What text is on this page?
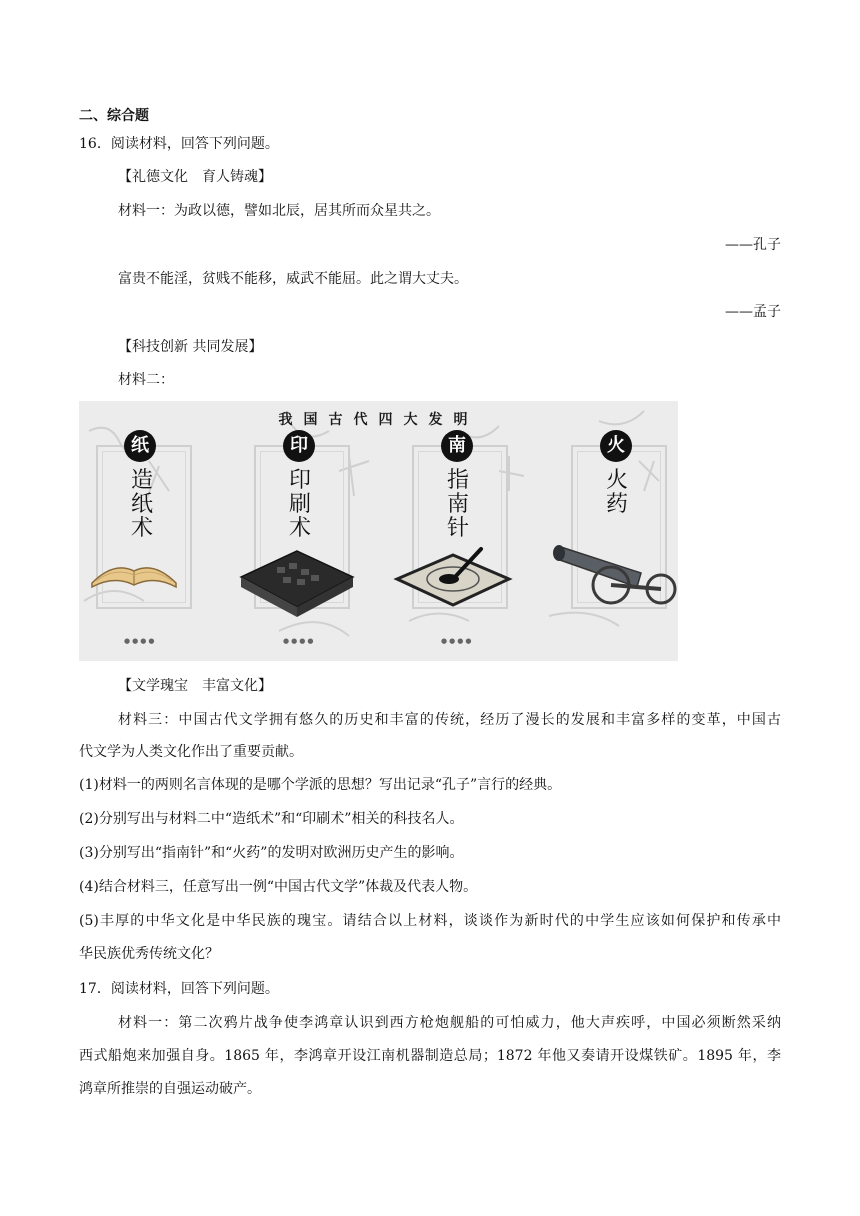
二、综合题
16．阅读材料，回答下列问题。
【礼德文化　育人铸魂】
材料一：为政以德，譬如北辰，居其所而众星共之。
——孔子
富贵不能淫，贫贱不能移，威武不能屈。此之谓大丈夫。
——孟子
【科技创新 共同发展】
材料二：
我国古代四大发明
纸
造纸术
●●●●
印
印刷术
●●●●
南
指南针
●●●●
火
火药
【文学瑰宝　丰富文化】
材料三：中国古代文学拥有悠久的历史和丰富的传统，经历了漫长的发展和丰富多样的变革，中国古
代文学为人类文化作出了重要贡献。
(1)材料一的两则名言体现的是哪个学派的思想？写出记录“孔子”言行的经典。
(2)分别写出与材料二中“造纸术”和“印刷术”相关的科技名人。
(3)分别写出“指南针”和“火药”的发明对欧洲历史产生的影响。
(4)结合材料三，任意写出一例“中国古代文学”体裁及代表人物。
(5)丰厚的中华文化是中华民族的瑰宝。请结合以上材料，谈谈作为新时代的中学生应该如何保护和传承中
华民族优秀传统文化？
17．阅读材料，回答下列问题。
材料一：第二次鸦片战争使李鸿章认识到西方枪炮舰船的可怕威力，他大声疾呼，中国必须断然采纳
西式船炮来加强自身。1865 年，李鸿章开设江南机器制造总局；1872 年他又奏请开设煤铁矿。1895 年，李
鸿章所推崇的自强运动破产。
